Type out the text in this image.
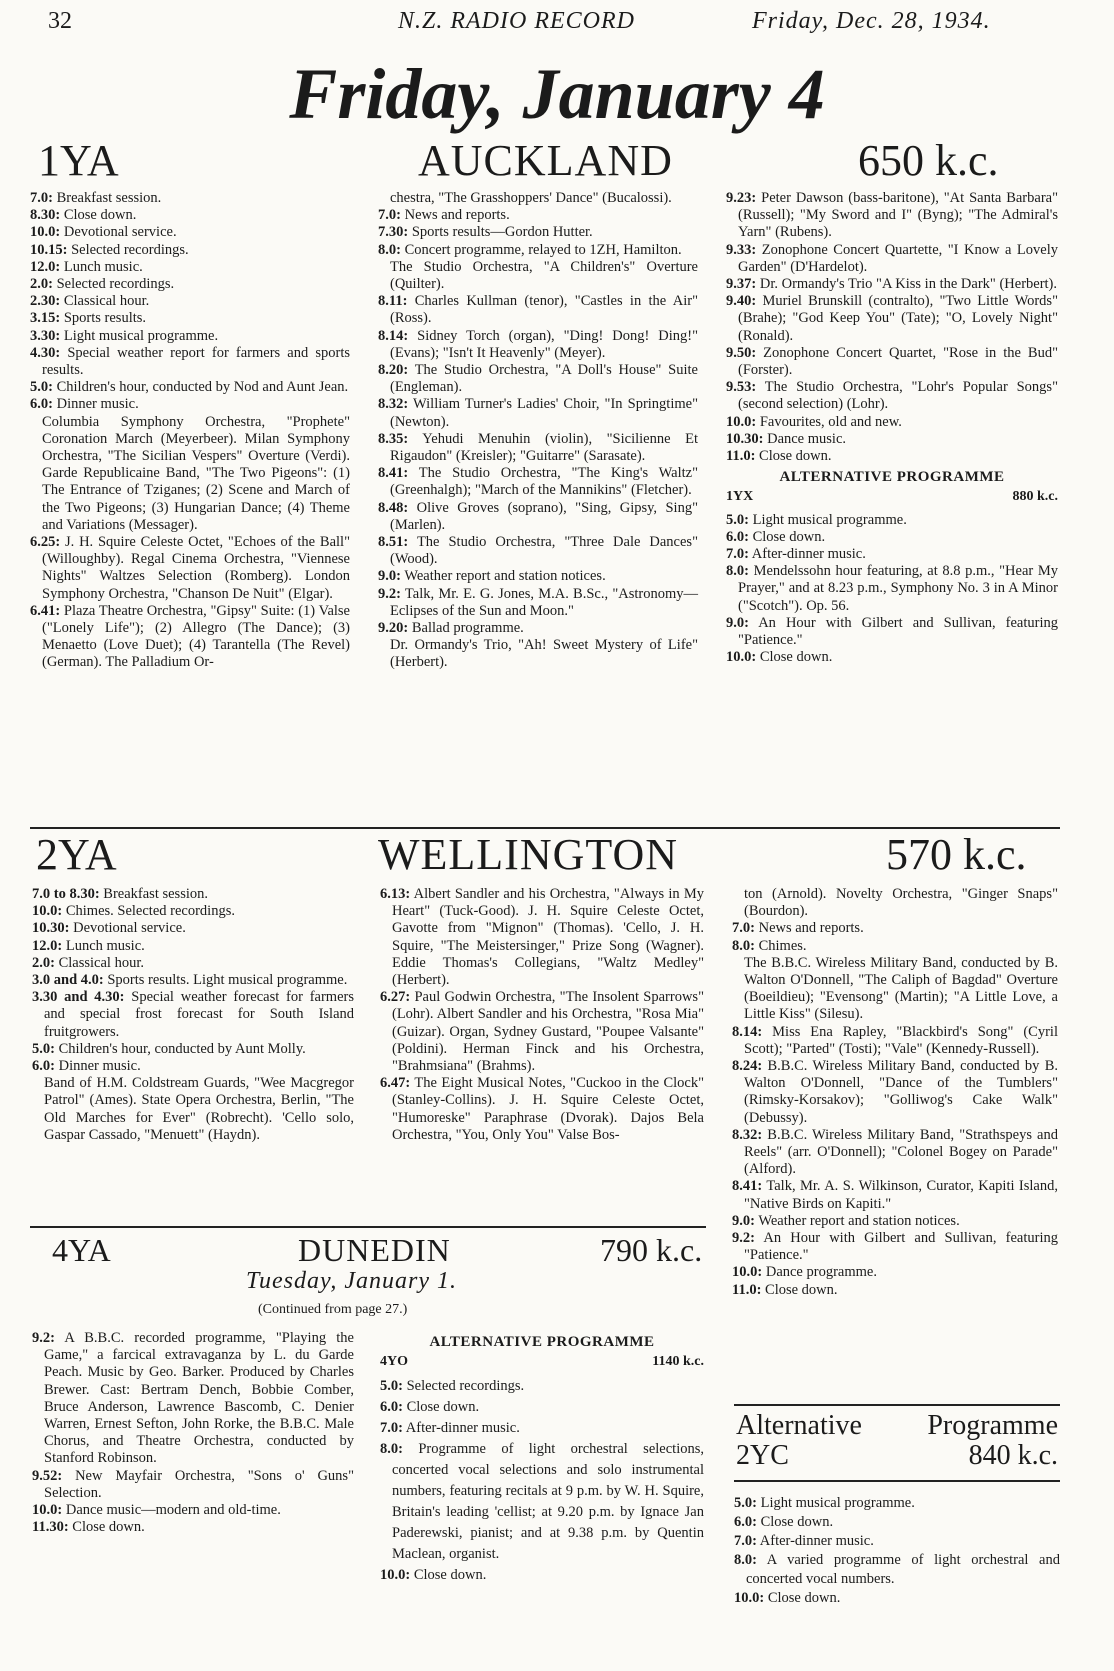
32	N.Z. RADIO RECORD	Friday, Dec. 28, 1934.
Friday, January 4
1YA	AUCKLAND	650 k.c.

7.0: Breakfast session.

8.30: Close down.

10.0: Devotional service.

10.15: Selected recordings.

12.0: Lunch music.

2.0: Selected recordings.

2.30: Classical hour.

3.15: Sports results.

3.30: Light musical programme.

4.30: Special weather report for farmers and sports results.

5.0: Children's hour, conducted by Nod and Aunt Jean.

6.0: Dinner music.

Columbia Symphony Orchestra, "Prophete" Coronation March (Meyerbeer). Milan Symphony Orchestra, "The Sicilian Vespers" Overture (Verdi). Garde Republicaine Band, "The Two Pigeons": (1) The Entrance of Tziganes; (2) Scene and March of the Two Pigeons; (3) Hungarian Dance; (4) Theme and Variations (Messager).

6.25: J. H. Squire Celeste Octet, "Echoes of the Ball" (Willoughby). Regal Cinema Orchestra, "Viennese Nights" Waltzes Selection (Romberg). London Symphony Orchestra, "Chanson De Nuit" (Elgar).

6.41: Plaza Theatre Orchestra, "Gipsy" Suite: (1) Valse ("Lonely Life"); (2) Allegro (The Dance); (3) Menaetto (Love Duet); (4) Tarantella (The Revel) (German). The Palladium Or-

chestra, "The Grasshoppers' Dance" (Bucalossi).

7.0: News and reports.

7.30: Sports results—Gordon Hutter.

8.0: Concert programme, relayed to 1ZH, Hamilton.

The Studio Orchestra, "A Children's" Overture (Quilter).

8.11: Charles Kullman (tenor), "Castles in the Air" (Ross).

8.14: Sidney Torch (organ), "Ding! Dong! Ding!" (Evans); "Isn't It Heavenly" (Meyer).

8.20: The Studio Orchestra, "A Doll's House" Suite (Engleman).

8.32: William Turner's Ladies' Choir, "In Springtime" (Newton).

8.35: Yehudi Menuhin (violin), "Sicilienne Et Rigaudon" (Kreisler); "Guitarre" (Sarasate).

8.41: The Studio Orchestra, "The King's Waltz" (Greenhalgh); "March of the Mannikins" (Fletcher).

8.48: Olive Groves (soprano), "Sing, Gipsy, Sing" (Marlen).

8.51: The Studio Orchestra, "Three Dale Dances" (Wood).

9.0: Weather report and station notices.

9.2: Talk, Mr. E. G. Jones, M.A. B.Sc., "Astronomy—Eclipses of the Sun and Moon."

9.20: Ballad programme.

Dr. Ormandy's Trio, "Ah! Sweet Mystery of Life" (Herbert).

9.23: Peter Dawson (bass-baritone), "At Santa Barbara" (Russell); "My Sword and I" (Byng); "The Admiral's Yarn" (Rubens).

9.33: Zonophone Concert Quartette, "I Know a Lovely Garden" (D'Hardelot).

9.37: Dr. Ormandy's Trio "A Kiss in the Dark" (Herbert).

9.40: Muriel Brunskill (contralto), "Two Little Words" (Brahe); "God Keep You" (Tate); "O, Lovely Night" (Ronald).

9.50: Zonophone Concert Quartet, "Rose in the Bud" (Forster).

9.53: The Studio Orchestra, "Lohr's Popular Songs" (second selection) (Lohr).

10.0: Favourites, old and new.

10.30: Dance music.

11.0: Close down.

ALTERNATIVE PROGRAMME
1YX	880 k.c.

5.0: Light musical programme.

6.0: Close down.

7.0: After-dinner music.

8.0: Mendelssohn hour featuring, at 8.8 p.m., "Hear My Prayer," and at 8.23 p.m., Symphony No. 3 in A Minor ("Scotch"). Op. 56.

9.0: An Hour with Gilbert and Sullivan, featuring "Patience."

10.0: Close down.

2YA	WELLINGTON	570 k.c.

7.0 to 8.30: Breakfast session.

10.0: Chimes. Selected recordings.

10.30: Devotional service.

12.0: Lunch music.

2.0: Classical hour.

3.0 and 4.0: Sports results. Light musical programme.

3.30 and 4.30: Special weather forecast for farmers and special frost forecast for South Island fruitgrowers.

5.0: Children's hour, conducted by Aunt Molly.

6.0: Dinner music.

Band of H.M. Coldstream Guards, "Wee Macgregor Patrol" (Ames). State Opera Orchestra, Berlin, "The Old Marches for Ever" (Robrecht). 'Cello solo, Gaspar Cassado, "Menuett" (Haydn).

6.13: Albert Sandler and his Orchestra, "Always in My Heart" (Tuck-Good). J. H. Squire Celeste Octet, Gavotte from "Mignon" (Thomas). 'Cello, J. H. Squire, "The Meistersinger," Prize Song (Wagner). Eddie Thomas's Collegians, "Waltz Medley" (Herbert).

6.27: Paul Godwin Orchestra, "The Insolent Sparrows" (Lohr). Albert Sandler and his Orchestra, "Rosa Mia" (Guizar). Organ, Sydney Gustard, "Poupee Valsante" (Poldini). Herman Finck and his Orchestra, "Brahmsiana" (Brahms).

6.47: The Eight Musical Notes, "Cuckoo in the Clock" (Stanley-Collins). J. H. Squire Celeste Octet, "Humoreske" Paraphrase (Dvorak). Dajos Bela Orchestra, "You, Only You" Valse Bos-

ton (Arnold). Novelty Orchestra, "Ginger Snaps" (Bourdon).

7.0: News and reports.

8.0: Chimes.

The B.B.C. Wireless Military Band, conducted by B. Walton O'Donnell, "The Caliph of Bagdad" Overture (Boeildieu); "Evensong" (Martin); "A Little Love, a Little Kiss" (Silesu).

8.14: Miss Ena Rapley, "Blackbird's Song" (Cyril Scott); "Parted" (Tosti); "Vale" (Kennedy-Russell).

8.24: B.B.C. Wireless Military Band, conducted by B. Walton O'Donnell, "Dance of the Tumblers" (Rimsky-Korsakov); "Golliwog's Cake Walk" (Debussy).

8.32: B.B.C. Wireless Military Band, "Strathspeys and Reels" (arr. O'Donnell); "Colonel Bogey on Parade" (Alford).

8.41: Talk, Mr. A. S. Wilkinson, Curator, Kapiti Island, "Native Birds on Kapiti."

9.0: Weather report and station notices.

9.2: An Hour with Gilbert and Sullivan, featuring "Patience."

10.0: Dance programme.

11.0: Close down.

4YA	DUNEDIN	790 k.c.
Tuesday, January 1.
(Continued from page 27.)

9.2: A B.B.C. recorded programme, "Playing the Game," a farcical extravaganza by L. du Garde Peach. Music by Geo. Barker. Produced by Charles Brewer. Cast: Bertram Dench, Bobbie Comber, Bruce Anderson, Lawrence Bascomb, C. Denier Warren, Ernest Sefton, John Rorke, the B.B.C. Male Chorus, and Theatre Orchestra, conducted by Stanford Robinson.

9.52: New Mayfair Orchestra, "Sons o' Guns" Selection.

10.0: Dance music—modern and old-time.

11.30: Close down.

ALTERNATIVE PROGRAMME
4YO	1140 k.c.

5.0: Selected recordings.

6.0: Close down.

7.0: After-dinner music.

8.0: Programme of light orchestral selections, concerted vocal selections and solo instrumental numbers, featuring recitals at 9 p.m. by W. H. Squire, Britain's leading 'cellist; at 9.20 p.m. by Ignace Jan Paderewski, pianist; and at 9.38 p.m. by Quentin Maclean, organist.

10.0: Close down.

Alternative Programme
2YC	840 k.c.

5.0: Light musical programme.

6.0: Close down.

7.0: After-dinner music.

8.0: A varied programme of light orchestral and concerted vocal numbers.

10.0: Close down.
